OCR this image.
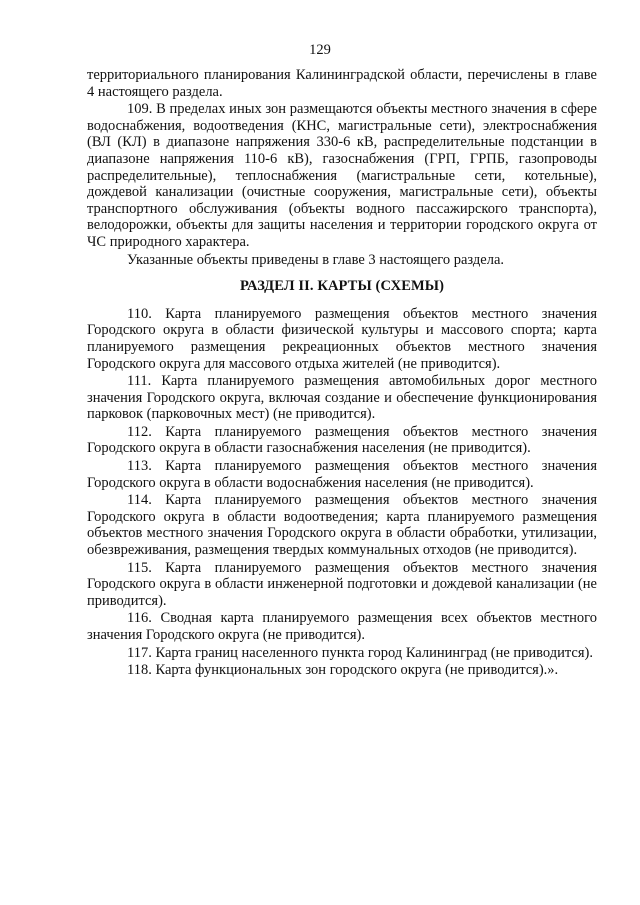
129

территориального планирования Калининградской области, перечислены в главе 4 настоящего раздела.

109. В пределах иных зон размещаются объекты местного значения в сфере водоснабжения, водоотведения (КНС, магистральные сети), электроснабжения (ВЛ (КЛ) в диапазоне напряжения 330-6 кВ, распределительные подстанции в диапазоне напряжения 110-6 кВ), газоснабжения (ГРП, ГРПБ, газопроводы распределительные), теплоснабжения (магистральные сети, котельные), дождевой канализации (очистные сооружения, магистральные сети), объекты транспортного обслуживания (объекты водного пассажирского транспорта), велодорожки, объекты для защиты населения и территории городского округа от ЧС природного характера.

Указанные объекты приведены в главе 3 настоящего раздела.

РАЗДЕЛ II. КАРТЫ (СХЕМЫ)

110. Карта планируемого размещения объектов местного значения Городского округа в области физической культуры и массового спорта; карта планируемого размещения рекреационных объектов местного значения Городского округа для массового отдыха жителей (не приводится).

111. Карта планируемого размещения автомобильных дорог местного значения Городского округа, включая создание и обеспечение функционирования парковок (парковочных мест) (не приводится).

112. Карта планируемого размещения объектов местного значения Городского округа в области газоснабжения населения (не приводится).

113. Карта планируемого размещения объектов местного значения Городского округа в области водоснабжения населения (не приводится).

114. Карта планируемого размещения объектов местного значения Городского округа в области водоотведения; карта планируемого размещения объектов местного значения Городского округа в области обработки, утилизации, обезвреживания, размещения твердых коммунальных отходов (не приводится).

115. Карта планируемого размещения объектов местного значения Городского округа в области инженерной подготовки и дождевой канализации (не приводится).

116. Сводная карта планируемого размещения всех объектов местного значения Городского округа (не приводится).

117. Карта границ населенного пункта город Калининград (не приводится).

118. Карта функциональных зон городского округа (не приводится).».
